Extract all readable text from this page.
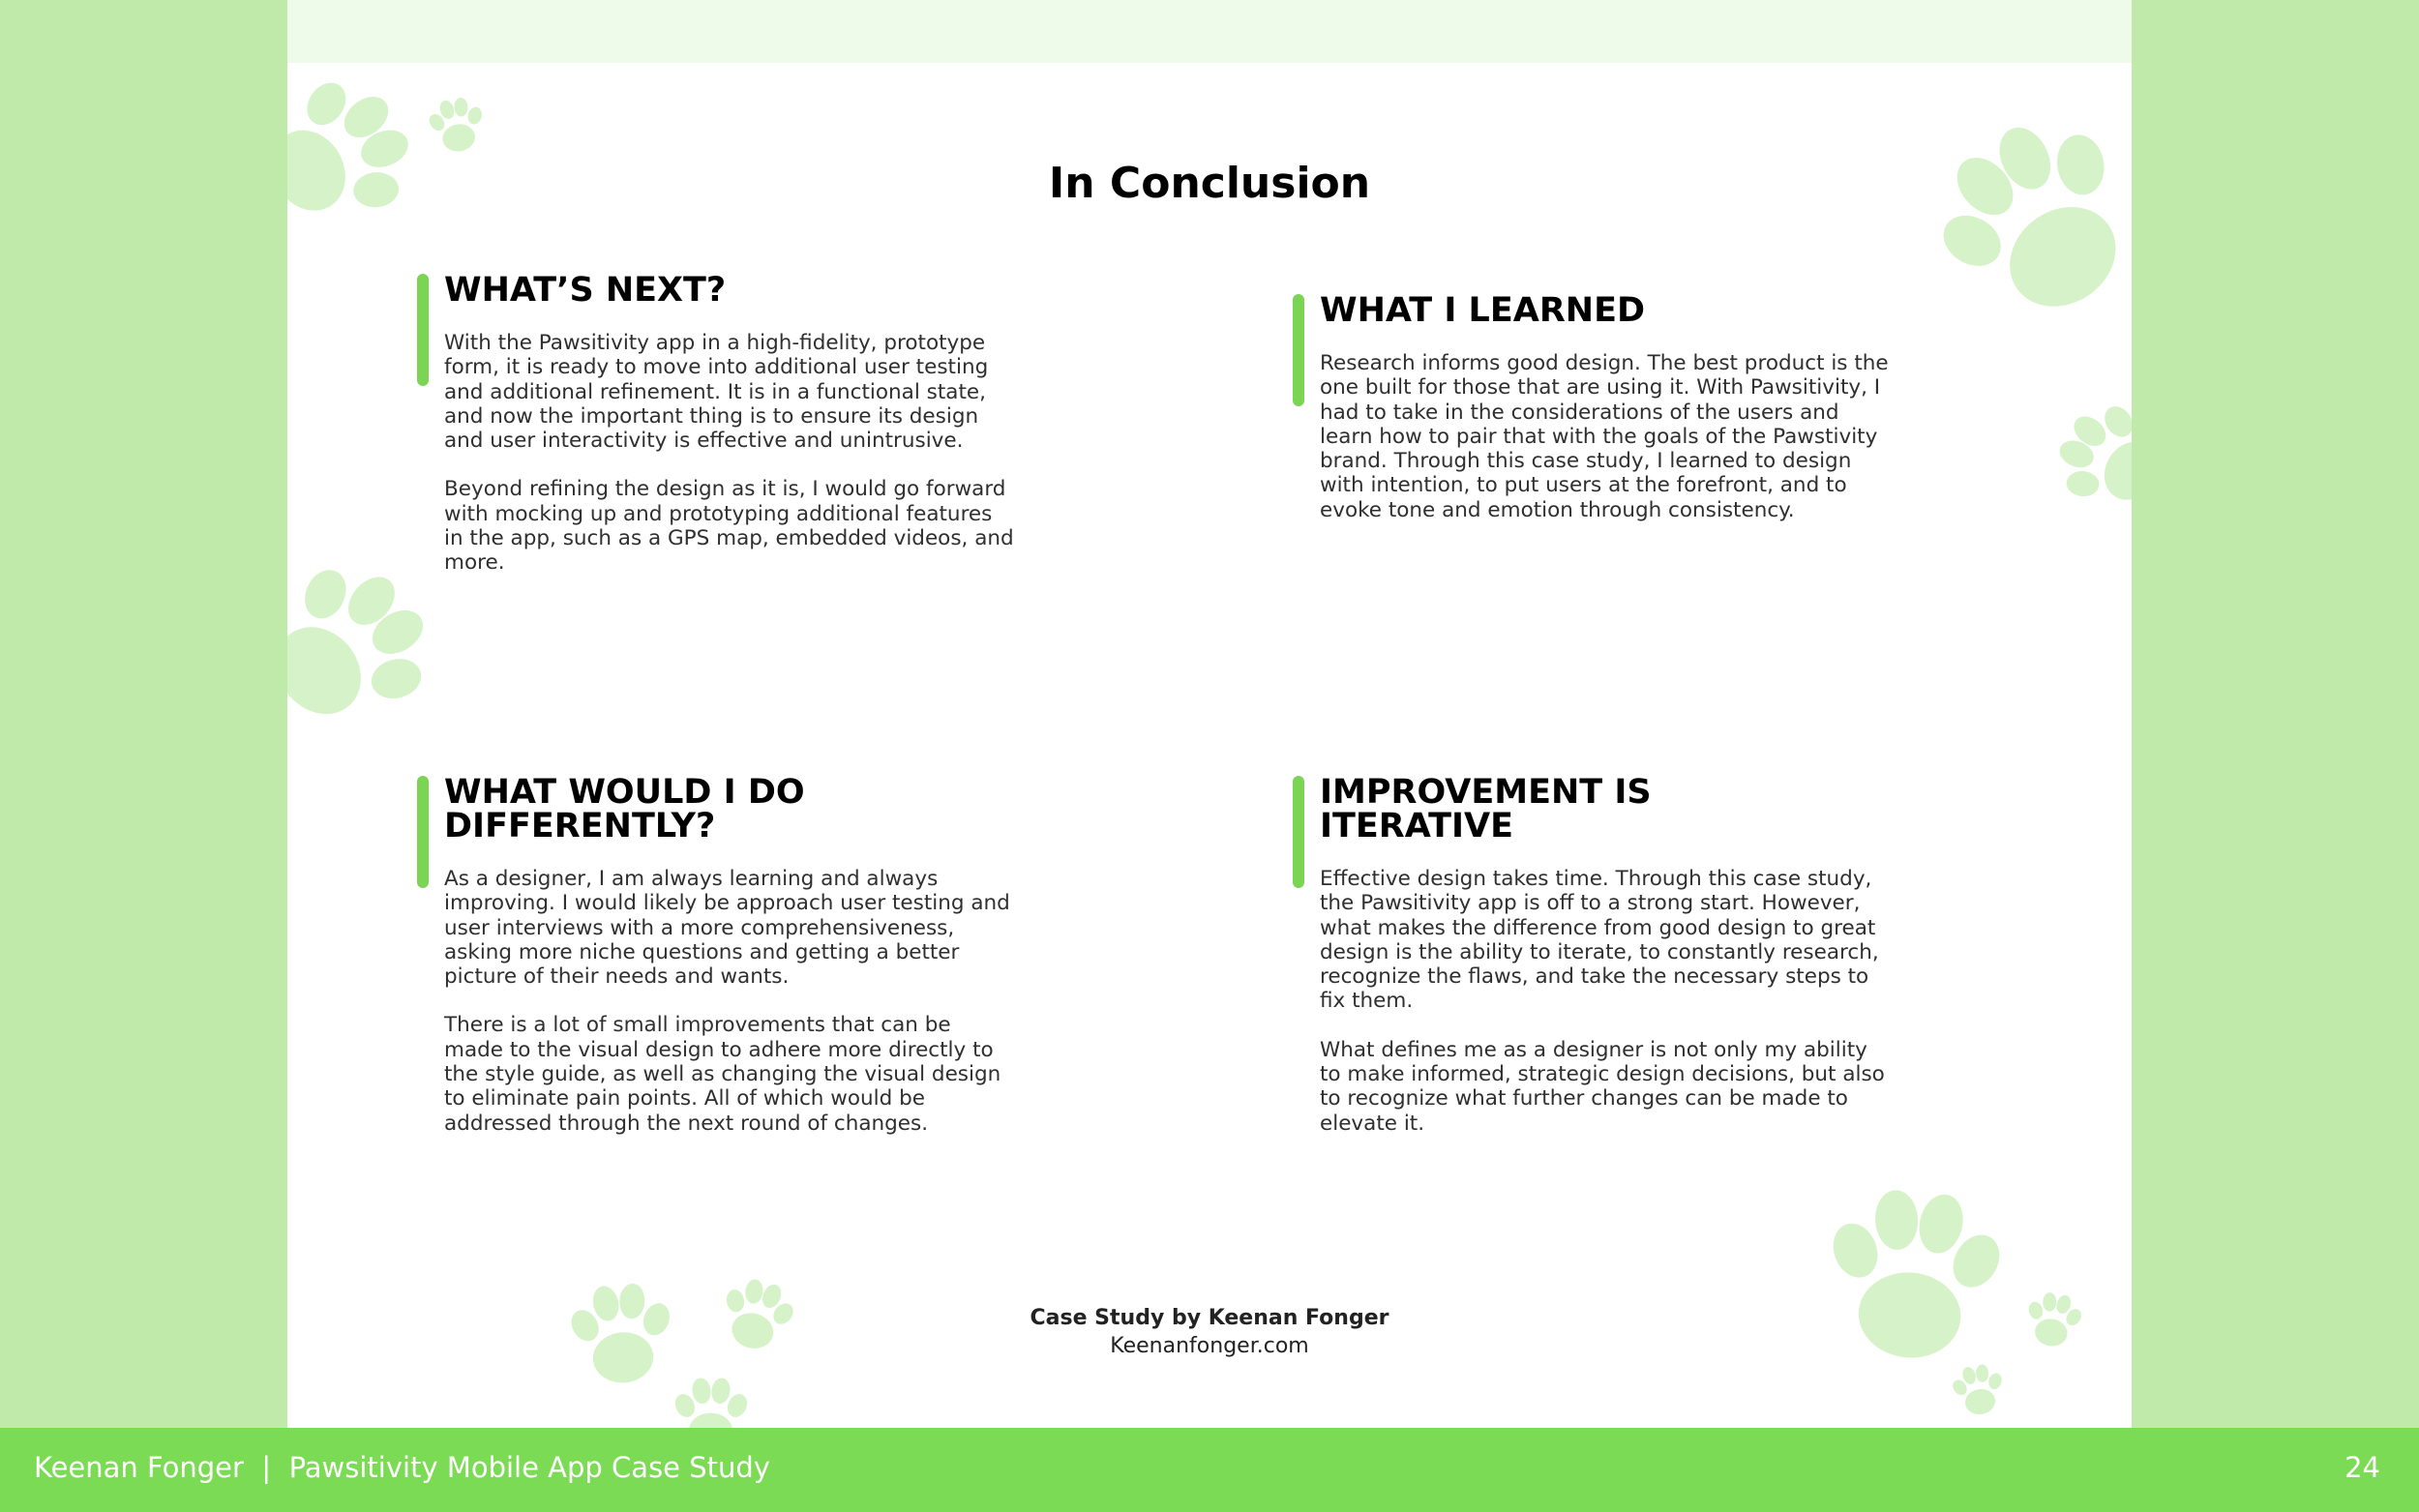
In Conclusion
WHAT’S NEXT?

With the Pawsitivity app in a high-fidelity, prototype form, it is ready to move into additional user testing and additional refinement. It is in a functional state, and now the important thing is to ensure its design and user interactivity is effective and unintrusive.

Beyond refining the design as it is, I would go forward with mocking up and prototyping additional features in the app, such as a GPS map, embedded videos, and more.

WHAT I LEARNED

Research informs good design. The best product is the one built for those that are using it. With Pawsitivity, I had to take in the considerations of the users and learn how to pair that with the goals of the Pawstivity brand. Through this case study, I learned to design with intention, to put users at the forefront, and to evoke tone and emotion through consistency.

WHAT WOULD I DO DIFFERENTLY?

As a designer, I am always learning and always improving. I would likely be approach user testing and user interviews with a more comprehensiveness, asking more niche questions and getting a better picture of their needs and wants.

There is a lot of small improvements that can be made to the visual design to adhere more directly to the style guide, as well as changing the visual design to eliminate pain points. All of which would be addressed through the next round of changes.

IMPROVEMENT IS ITERATIVE

Effective design takes time. Through this case study, the Pawsitivity app is off to a strong start. However, what makes the difference from good design to great design is the ability to iterate, to constantly research, recognize the flaws, and take the necessary steps to fix them.

What defines me as a designer is not only my ability to make informed, strategic design decisions, but also to recognize what further changes can be made to elevate it.

Case Study by Keenan Fonger
Keenanfonger.com
Keenan Fonger  |  Pawsitivity Mobile App Case Study	24
